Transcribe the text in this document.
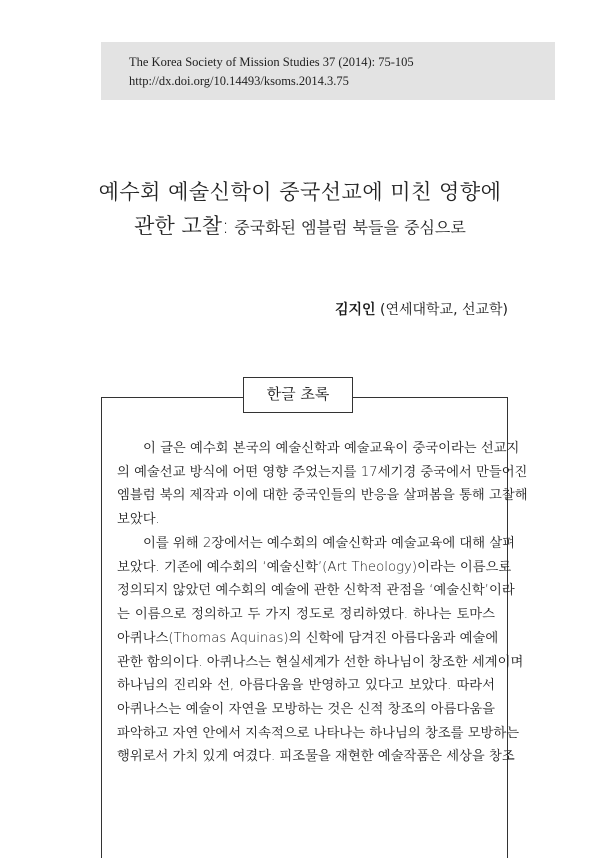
The Korea Society of Mission Studies 37 (2014): 75-105
http://dx.doi.org/10.14493/ksoms.2014.3.75
예수회 예술신학이 중국선교에 미친 영향에
관한 고찰: 중국화된 엠블럼 북들을 중심으로
김지인 (연세대학교, 선교학)
한글 초록
이 글은 예수회 본국의 예술신학과 예술교육이 중국이라는 선교지
의 예술선교 방식에 어떤 영향 주었는지를 17세기경 중국에서 만들어진
엠블럼 북의 제작과 이에 대한 중국인들의 반응을 살펴봄을 통해 고찰해
보았다.
이를 위해 2장에서는 예수회의 예술신학과 예술교육에 대해 살펴
보았다. 기존에 예수회의 ‘예술신학’(Art Theology)이라는 이름으로
정의되지 않았던 예수회의 예술에 관한 신학적 관점을 ‘예술신학’이라
는 이름으로 정의하고 두 가지 정도로 정리하였다. 하나는 토마스
아퀴나스(Thomas Aquinas)의 신학에 담겨진 아름다움과 예술에
관한 함의이다. 아퀴나스는 현실세계가 선한 하나님이 창조한 세계이며
하나님의 진리와 선, 아름다움을 반영하고 있다고 보았다. 따라서
아퀴나스는 예술이 자연을 모방하는 것은 신적 창조의 아름다움을
파악하고 자연 안에서 지속적으로 나타나는 하나님의 창조를 모방하는
행위로서 가치 있게 여겼다. 피조물을 재현한 예술작품은 세상을 창조
